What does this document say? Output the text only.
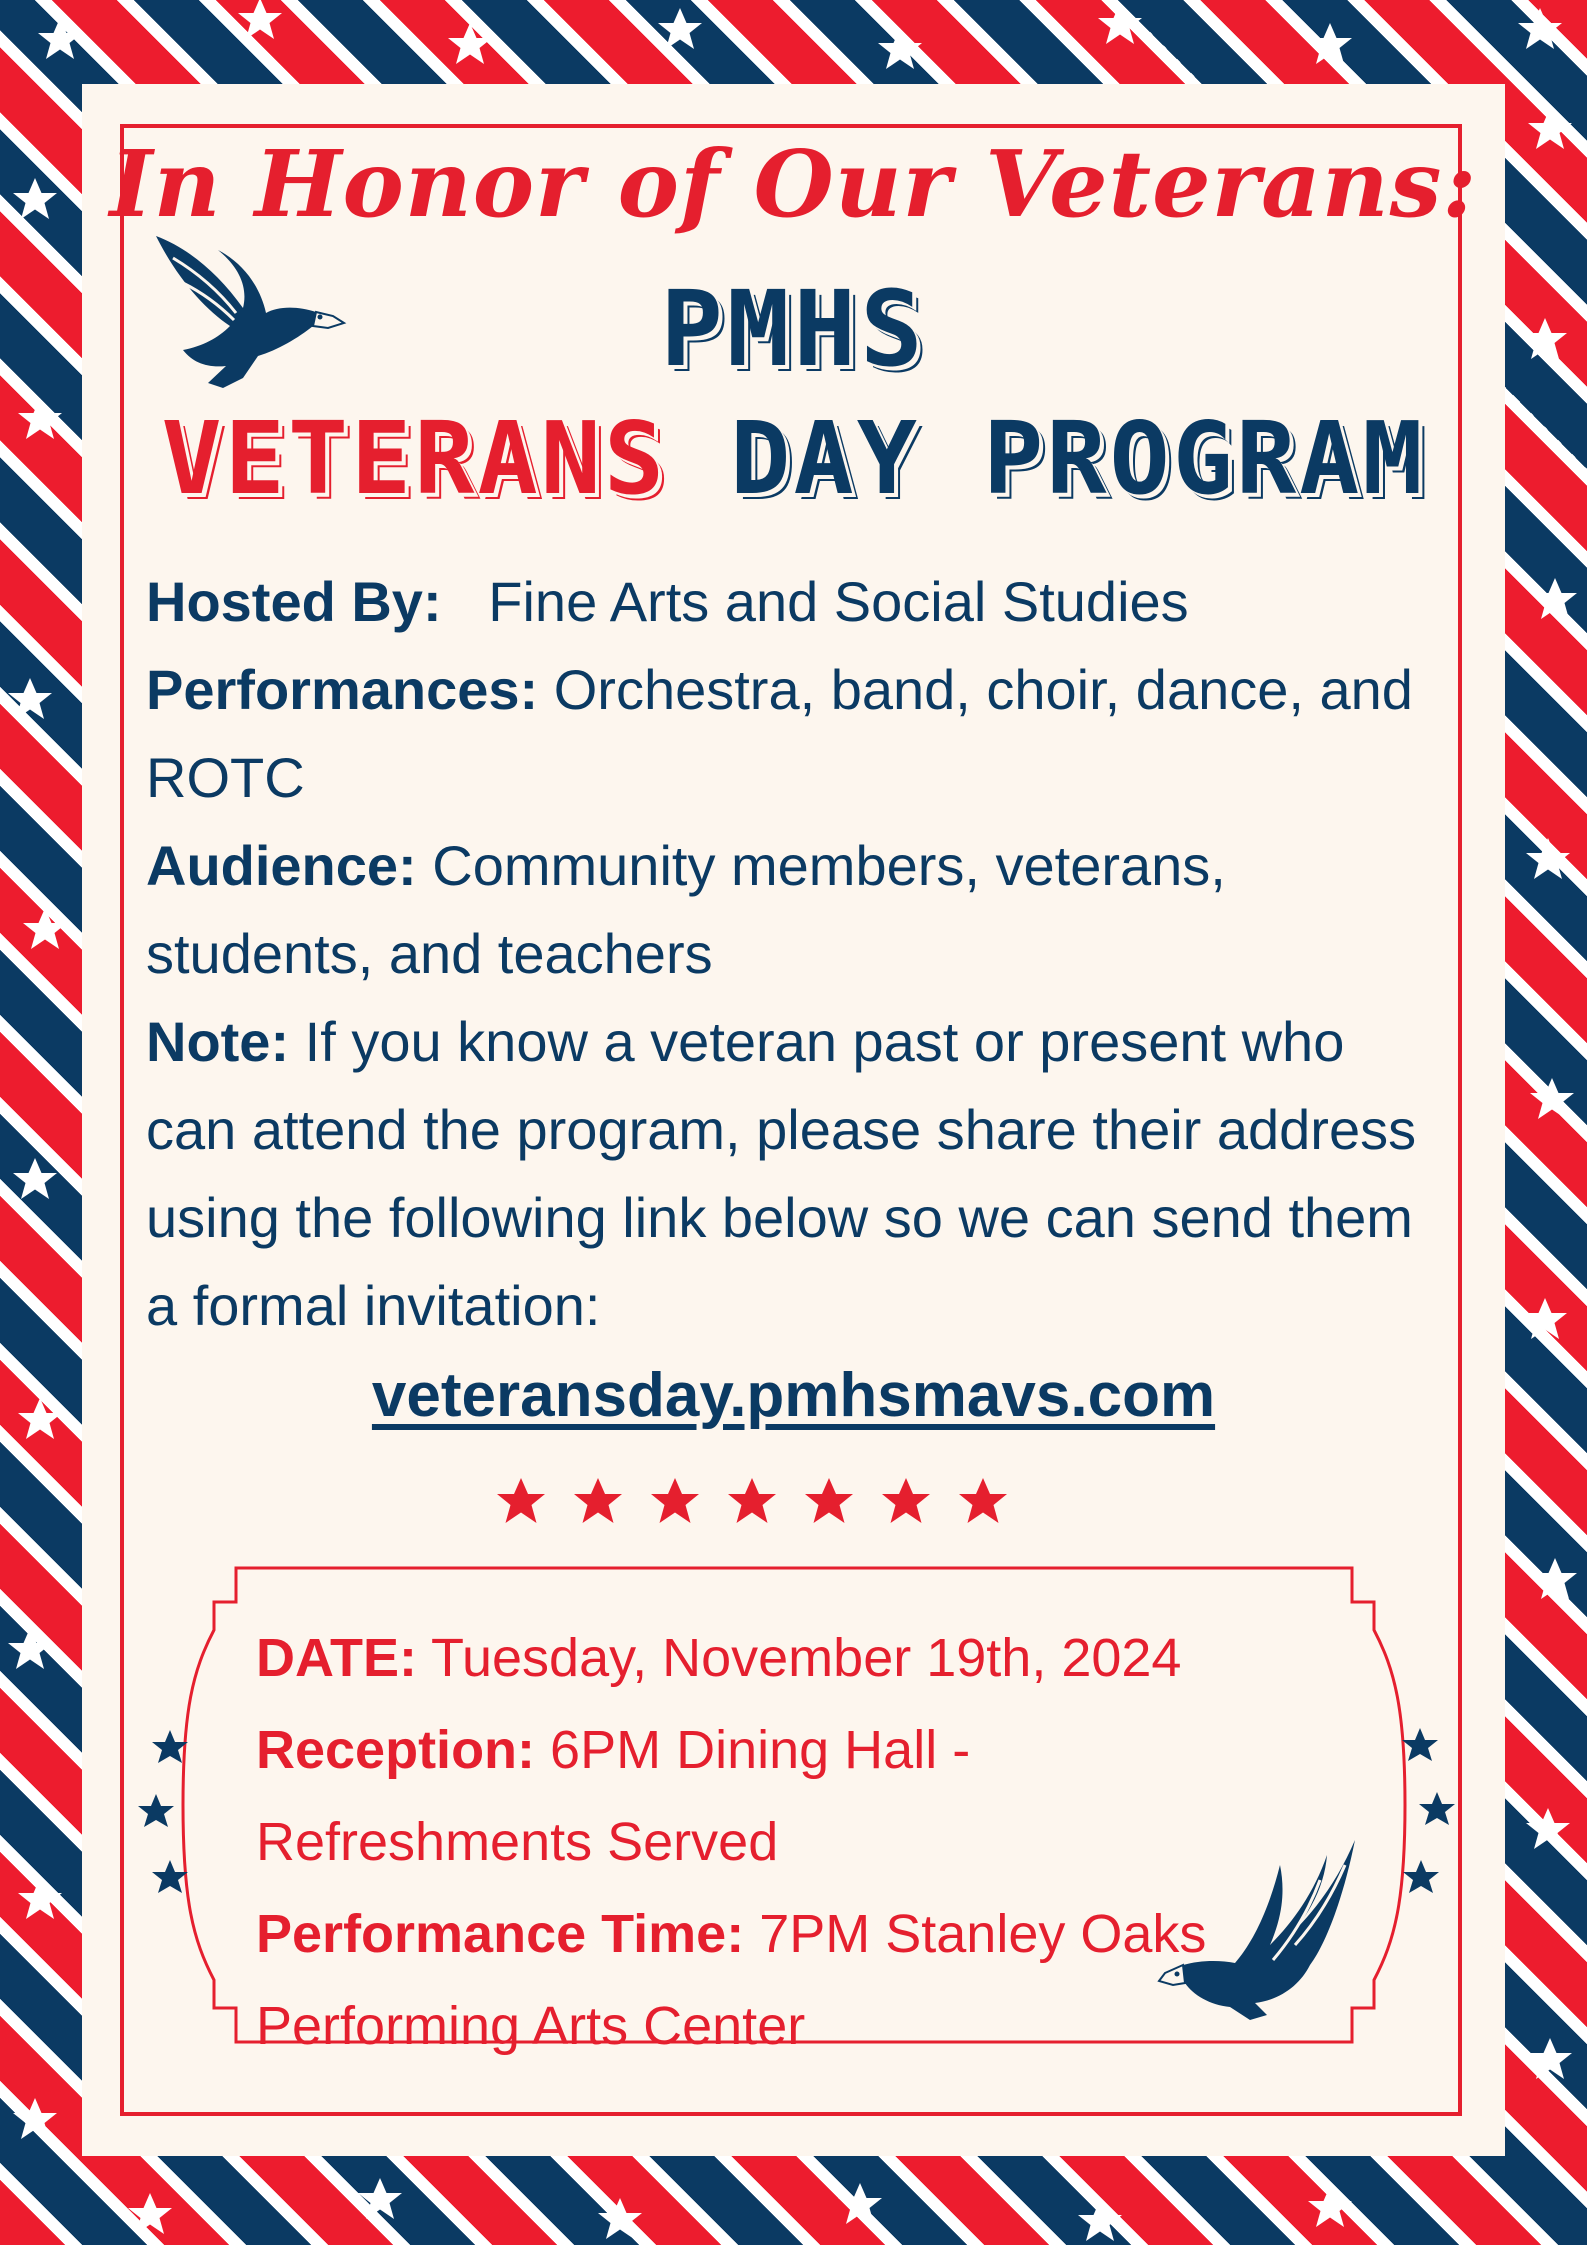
In Honor of Our Veterans:
PMHS
VETERANS DAY PROGRAM

Hosted By: Fine Arts and Social Studies

Performances: Orchestra, band, choir, dance, and ROTC

Audience: Community members, veterans, students, and teachers

Note: If you know a veteran past or present who can attend the program, please share their address using the following link below so we can send them a formal invitation:

veteransday.pmhsmavs.com

DATE: Tuesday, November 19th, 2024

Reception: 6PM Dining Hall - Refreshments Served

Performance Time: 7PM Stanley Oaks Performing Arts Center
